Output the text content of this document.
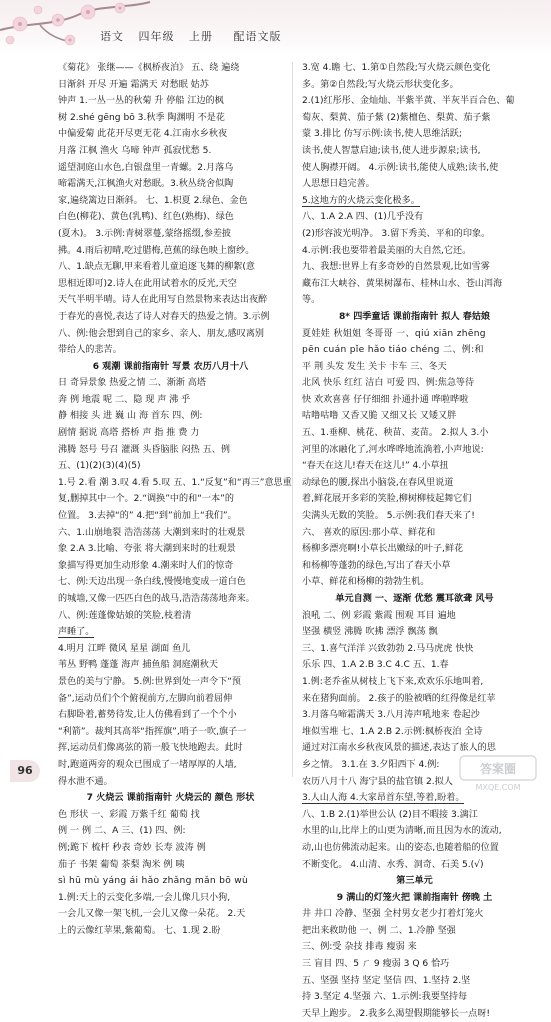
语文 四年级 上册 配语文版
《菊花》 张继——《枫桥夜泊》 五、绕 遍绕
日渐斜 开尽 开遍 霜满天 对愁眠 姑苏
钟声 1.一丛一丛的秋菊 升 停船 江边的枫
树 2.shé gēng bō 3.秋季 陶渊明 不是花
中偏爱菊 此花开尽更无花 4.江南水乡秋夜
月落 江枫 渔火 乌啼 钟声 孤寂忧愁 5.
遥望洞庭山水色,白银盘里一青螺。2.月落乌
啼霜满天,江枫渔火对愁眠。3.秋丛绕舍似陶
家,遍绕篱边日渐斜。 七、1.枳夏 2.绿色、金色
白色(柳花)、黄色(乳鸭)、红色(熟梅)、绿色
(夏木)。 3.示例:青树翠蔓,蒙络摇缀,参差披
拂。4.雨后初晴,吃过腊梅,芭蕉的绿色映上窗纱。
八、1.缺点无聊,甲来看着儿童追逐飞舞的柳絮(意
思相近即可)2.诗人在此用试着水的反光,天空
天气半明半晴。诗人在此用写自然景物来表达出夜醉
于春光的喜悦,表达了诗人对春天的热爱之情。3.示例
八、例:他会想到自己的家乡、亲人、朋友,感叹离别
带给人的悲苦。
6 观潮 课前指南针 写景 农历八月十八
日 奇异景象 热爱之情 二、渐渐 高塔
奔 例 地震 呢 二、隐 现 声 沸 乎
静 相接 头 进 巍 山 海 首东 四、例:
剧情 据说 高塔 搭桥 声 指 推 费 力
沸腾 怒号 号召 灌溉 头昏脑胀 闷热 五、例
五、(1)(2)(3)(4)(5)
1.号 2.看 潮 3.叹 4.看 5.叹 五、1.“反复”和“再三”意思重
复,删掉其中一个。2.“调换”中的和“一本”的
位置。 3.去掉“的” 4.把“到”前加上“我们”。
六、1.山崩地裂 浩浩荡荡 大潮到来时的壮观景
象 2.A 3.比喻、夸张 将大潮到来时的壮观景
象描写得更加生动形象 4.潮来时人们的惊奇
七、例:天边出现一条白线,慢慢地变成一道白色
的城墙,又像一匹匹白色的战马,浩浩荡荡地奔来。
八、例:莲蓬像姑娘的笑脸,枝着清
声睡了。
4.明月 江畔 微风 星星 湖面 鱼儿
苇丛 野鸭 蓬蓬 海声 捕鱼船 洞庭潮秋天
景色的美与宁静。 5.例:世界到处一声令下“预
备”,运动员们个个俯视前方,左脚向前着屈伸
右脚卧着,蓄势待发,让人仿佛看到了一个个小
“利箭”。裁判其高举“指挥旗”,哨子一吹,旗子一
挥,运动员们像离弦的箭一般飞快地跑去。此时
时,跑道两旁的观众已围成了一堵厚厚的人墙,
得水泄不通。
7 火烧云 课前指南针 火烧云的 颜色 形状
色 形状 一、彩霞 万紫千红 葡萄 找
例 一 例 二、A 三、(1) 四、例:
例;跪下 梳杆 秒表 奇妙 长寿 波涛 例
茄子 书架 葡萄 茶梨 淘米 例 咦
sì hū mù yáng ái hǎo zhǎng mǎn bō wù
1.例:天上的云变化多端,一会儿像几只小狗,
一会儿又像一架飞机,一会儿又像一朵花。 2.天
上的云像红苹果,紫葡萄。 七、1.现 2.盼
3.宽 4.瞻 七、1.第①自然段;写火烧云颜色变化
多。第②自然段;写火烧云形状变化多。
2.(1)红彤彤、金灿灿、半紫半黄、半灰半百合色、葡
萄灰、梨黄、茄子紫 (2)紫檀色、梨黄、茄子紫
蒙 3.排比 仿写示例:读书,使人思维活跃;
读书,使人智慧启迪;读书,使人进步源泉;读书,
使人胸襟开阔。 4.示例:读书,能使人成熟;读书,使
人思想日趋完善。
5.这地方的火烧云变化极多。
八、1.A 2.A 四、(1)几乎没有
(2)形容波光明净。 3.留下秀美、平和的印象。
4.示例:我也要带着最美丽的大自然,它还。
九、我想:世界上有多奇妙的自然景观,比如雪雾
藏布江大峡谷、黄果树瀑布、桂林山水、苍山洱海
等。
8* 四季童话 课前指南针 拟人 春姑娘
夏娃娃 秋姐姐 冬哥哥 一、qiú xiān zhēng
pēn cuán pǐe hǎo tiáo chéng 二、例:和
平 荆 头发 发生 关卡 卡车 三、冬天
北风 快乐 红红 洁白 可爱 四、例:焦急等待
快 欢欢喜喜 仔仔细细 扑通扑通 哗啦哗啦
咕噜咕噜 又香又脆 又细又长 又矮又胖
五、1.垂柳、桃花、秧苗、麦苗。 2.拟人 3.小
河里的冰融化了,河水哗哗地流淌着,小声地说:
“春天在这儿!春天在这儿!” 4.小草扭
动绿色的腰,探出小脑袋,在春风里说道
着,鲜花展开多彩的笑脸,柳树柳枝起舞它们
尖满头无数的笑脸。 5.示例:我们春天来了!
六、 喜欢的原因:那小草、鲜花和
杨柳多漂亮啊!小草长出嫩绿的叶子,鲜花
和杨柳等蓬勃的绿色,写出了春天小草
小草、鲜花和杨柳的勃勃生机。
单元自测 一、逐渐 优愁 震耳欲聋 风号
浪吼 二、例 彩霞 紫霞 围观 耳目 遍地
坚强 横竖 沸腾 吹拂 漂浮 飘荡 飘
三、1.喜气洋洋 兴致勃勃 2.马马虎虎 快快
乐乐 四、1.A 2.B 3.C 4.C 五、1.春
1.例:老乔雀从树枝上飞下来,欢欢乐乐地叫着,
来在猪狗面前。 2.孩子的脸被晒的红得像是红苹
3.月落乌啼霜满天 3.八月涛声吼地来 卷起沙
堆似雪堆 七、1.A 2.B 2.示例:枫桥夜泊 全诗
通过对江南水乡秋夜风景的描述,表达了旅人的思
乡之情。 3.1.在 3.夕阳西下 4.例:
农历八月十八 海宁县的盐官镇 2.拟人
3.人山人海 4.大家昂首东望,等着,盼着。
八、1.B 2.(1)举世公认 (2)目不暇接 3.漓江
水里的山,比岸上的山更为清晰,而且因为水的流动,
动,山也仿佛流动起来。山的姿态,也随着船的位置
不断变化。 4.山清、水秀、洞奇、石美 5.(√)
第三单元
9 满山的灯笼火把 课前指南针 傍晚 土
井 井口 冷静、坚强 全村男女老少打着灯笼火
把出来救助他 一、例 二、1.冷静 坚强
三、例:受 杂技 排毒 瘦弱 来
三 盲目 四、5 ㄏ 9 瘦弱 3 Q 6 恰巧
五、坚强 坚持 坚定 坚信 四、1.坚持 2.坚
持 3.坚定 4.坚强 六、1.示例:我要坚持每
天早上跑步。 2.我多么渴望假期能够长一点呀!
96	答案圈
MXQE.COM
